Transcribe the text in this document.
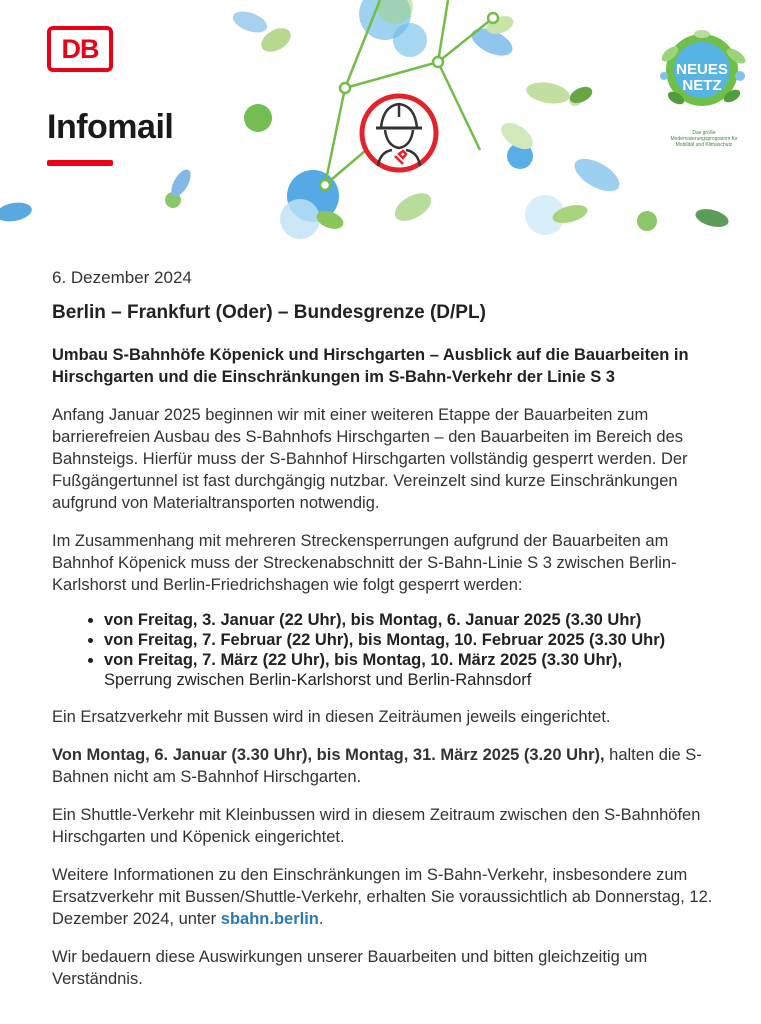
DB
Infomail
NEUES
NETZ
Das große Modernisierungsprogramm für Mobilität und Klimaschutz

6. Dezember 2024

Berlin – Frankfurt (Oder) – Bundesgrenze (D/PL)

Umbau S-Bahnhöfe Köpenick und Hirschgarten – Ausblick auf die Bauarbeiten in Hirschgarten und die Einschränkungen im S-Bahn-Verkehr der Linie S 3

Anfang Januar 2025 beginnen wir mit einer weiteren Etappe der Bauarbeiten zum barrierefreien Ausbau des S-Bahnhofs Hirschgarten – den Bauarbeiten im Bereich des Bahnsteigs. Hierfür muss der S-Bahnhof Hirschgarten vollständig gesperrt werden. Der Fußgängertunnel ist fast durchgängig nutzbar. Vereinzelt sind kurze Einschränkungen aufgrund von Materialtransporten notwendig.

Im Zusammenhang mit mehreren Streckensperrungen aufgrund der Bauarbeiten am Bahnhof Köpenick muss der Streckenabschnitt der S-Bahn-Linie S 3 zwischen Berlin-Karlshorst und Berlin-Friedrichshagen wie folgt gesperrt werden:

• von Freitag, 3. Januar (22 Uhr), bis Montag, 6. Januar 2025 (3.30 Uhr)
• von Freitag, 7. Februar (22 Uhr), bis Montag, 10. Februar 2025 (3.30 Uhr)
• von Freitag, 7. März (22 Uhr), bis Montag, 10. März 2025 (3.30 Uhr),
Sperrung zwischen Berlin-Karlshorst und Berlin-Rahnsdorf

Ein Ersatzverkehr mit Bussen wird in diesen Zeiträumen jeweils eingerichtet.

Von Montag, 6. Januar (3.30 Uhr), bis Montag, 31. März 2025 (3.20 Uhr), halten die S-Bahnen nicht am S-Bahnhof Hirschgarten.

Ein Shuttle-Verkehr mit Kleinbussen wird in diesem Zeitraum zwischen den S-Bahnhöfen Hirschgarten und Köpenick eingerichtet.

Weitere Informationen zu den Einschränkungen im S-Bahn-Verkehr, insbesondere zum Ersatzverkehr mit Bussen/Shuttle-Verkehr, erhalten Sie voraussichtlich ab Donnerstag, 12. Dezember 2024, unter sbahn.berlin.

Wir bedauern diese Auswirkungen unserer Bauarbeiten und bitten gleichzeitig um Verständnis.
